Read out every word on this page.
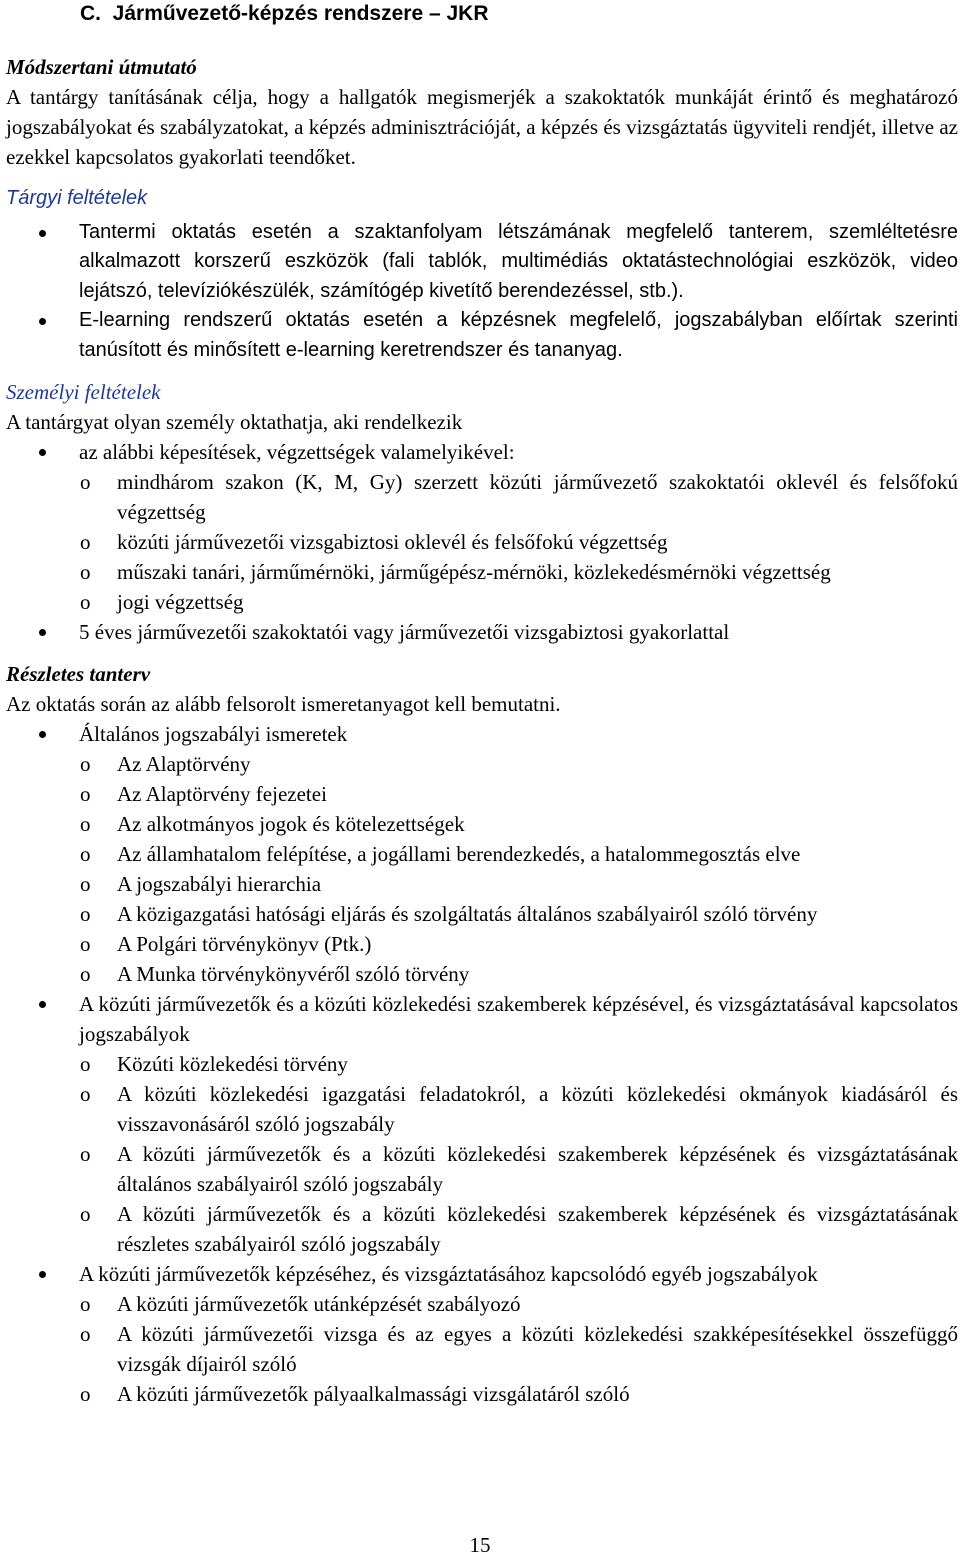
C.  Járművezető-képzés rendszere – JKR
Módszertani útmutató

A tantárgy tanításának célja, hogy a hallgatók megismerjék a szakoktatók munkáját érintő és meghatározó jogszabályokat és szabályzatokat, a képzés adminisztrációját, a képzés és vizsgáztatás ügyviteli rendjét, illetve az ezekkel kapcsolatos gyakorlati teendőket.

Tárgyi feltételek
Tantermi oktatás esetén a szaktanfolyam létszámának megfelelő tanterem, szemléltetésre alkalmazott korszerű eszközök (fali tablók, multimédiás oktatástechnológiai eszközök, video lejátszó, televíziókészülék, számítógép kivetítő berendezéssel, stb.).
E-learning rendszerű oktatás esetén a képzésnek megfelelő, jogszabályban előírtak szerinti tanúsított és minősített e-learning keretrendszer és tananyag.
Személyi feltételek

A tantárgyat olyan személy oktathatja, aki rendelkezik

az alábbi képesítések, végzettségek valamelyikével:
o mindhárom szakon (K, M, Gy) szerzett közúti járművezető szakoktatói oklevél és felsőfokú végzettség
o közúti járművezetői vizsgabiztosi oklevél és felsőfokú végzettség
o műszaki tanári, járműmérnöki, járműgépész-mérnöki, közlekedésmérnöki végzettség
o jogi végzettség
5 éves járművezetői szakoktatói vagy járművezetői vizsgabiztosi gyakorlattal
Részletes tanterv

Az oktatás során az alább felsorolt ismeretanyagot kell bemutatni.

Általános jogszabályi ismeretek
o Az Alaptörvény
o Az Alaptörvény fejezetei
o Az alkotmányos jogok és kötelezettségek
o Az államhatalom felépítése, a jogállami berendezkedés, a hatalommegosztás elve
o A jogszabályi hierarchia
o A közigazgatási hatósági eljárás és szolgáltatás általános szabályairól szóló törvény
o A Polgári törvénykönyv (Ptk.)
o A Munka törvénykönyvéről szóló törvény
A közúti járművezetők és a közúti közlekedési szakemberek képzésével, és vizsgáztatásával kapcsolatos jogszabályok
o Közúti közlekedési törvény
o A közúti közlekedési igazgatási feladatokról, a közúti közlekedési okmányok kiadásáról és visszavonásáról szóló jogszabály
o A közúti járművezetők és a közúti közlekedési szakemberek képzésének és vizsgáztatásának általános szabályairól szóló jogszabály
o A közúti járművezetők és a közúti közlekedési szakemberek képzésének és vizsgáztatásának részletes szabályairól szóló jogszabály
A közúti járművezetők képzéséhez, és vizsgáztatásához kapcsolódó egyéb jogszabályok
o A közúti járművezetők utánképzését szabályozó
o A közúti járművezetői vizsga és az egyes a közúti közlekedési szakképesítésekkel összefüggő vizsgák díjairól szóló
o A közúti járművezetők pályaalkalmassági vizsgálatáról szóló
15
